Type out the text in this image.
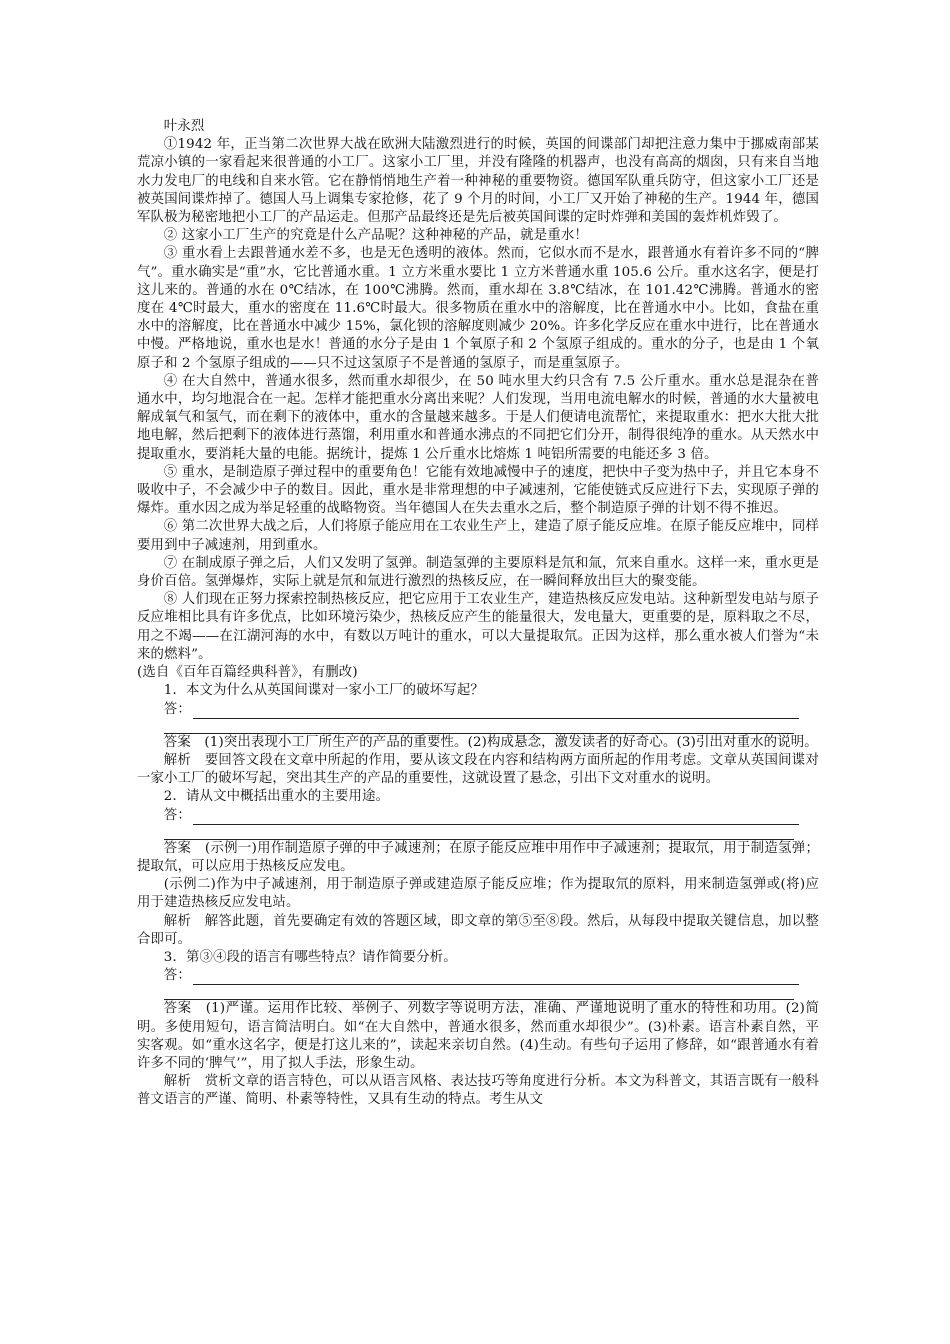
叶永烈

①1942 年，正当第二次世界大战在欧洲大陆激烈进行的时候，英国的间谍部门却把注意力集中于挪威南部某荒凉小镇的一家看起来很普通的小工厂。这家小工厂里，并没有隆隆的机器声，也没有高高的烟囱，只有来自当地水力发电厂的电线和自来水管。它在静悄悄地生产着一种神秘的重要物资。德国军队重兵防守，但这家小工厂还是被英国间谍炸掉了。德国人马上调集专家抢修，花了 9 个月的时间，小工厂又开始了神秘的生产。1944 年，德国军队极为秘密地把小工厂的产品运走。但那产品最终还是先后被英国间谍的定时炸弹和美国的轰炸机炸毁了。

② 这家小工厂生产的究竟是什么产品呢？这种神秘的产品，就是重水！

③ 重水看上去跟普通水差不多，也是无色透明的液体。然而，它似水而不是水，跟普通水有着许多不同的“脾气”。重水确实是“重”水，它比普通水重。1 立方米重水要比 1 立方米普通水重 105.6 公斤。重水这名字，便是打这儿来的。普通的水在 0℃结冰，在 100℃沸腾。然而，重水却在 3.8℃结冰，在 101.42℃沸腾。普通水的密度在 4℃时最大，重水的密度在 11.6℃时最大。很多物质在重水中的溶解度，比在普通水中小。比如，食盐在重水中的溶解度，比在普通水中减少 15%，氯化钡的溶解度则减少 20%。许多化学反应在重水中进行，比在普通水中慢。严格地说，重水也是水！普通的水分子是由 1 个氧原子和 2 个氢原子组成的。重水的分子，也是由 1 个氧原子和 2 个氢原子组成的——只不过这氢原子不是普通的氢原子，而是重氢原子。

④ 在大自然中，普通水很多，然而重水却很少，在 50 吨水里大约只含有 7.5 公斤重水。重水总是混杂在普通水中，均匀地混合在一起。怎样才能把重水分离出来呢？人们发现，当用电流电解水的时候，普通的水大量被电解成氧气和氢气，而在剩下的液体中，重水的含量越来越多。于是人们便请电流帮忙，来提取重水：把水大批大批地电解，然后把剩下的液体进行蒸馏，利用重水和普通水沸点的不同把它们分开，制得很纯净的重水。从天然水中提取重水，要消耗大量的电能。据统计，提炼 1 公斤重水比熔炼 1 吨铝所需要的电能还多 3 倍。

⑤ 重水，是制造原子弹过程中的重要角色！它能有效地减慢中子的速度，把快中子变为热中子，并且它本身不吸收中子，不会减少中子的数目。因此，重水是非常理想的中子减速剂，它能使链式反应进行下去，实现原子弹的爆炸。重水因之成为举足轻重的战略物资。当年德国人在失去重水之后，整个制造原子弹的计划不得不推迟。

⑥ 第二次世界大战之后，人们将原子能应用在工农业生产上，建造了原子能反应堆。在原子能反应堆中，同样要用到中子减速剂，用到重水。

⑦ 在制成原子弹之后，人们又发明了氢弹。制造氢弹的主要原料是氘和氚，氘来自重水。这样一来，重水更是身价百倍。氢弹爆炸，实际上就是氘和氚进行激烈的热核反应，在一瞬间释放出巨大的聚变能。

⑧ 人们现在正努力探索控制热核反应，把它应用于工农业生产，建造热核反应发电站。这种新型发电站与原子反应堆相比具有许多优点，比如环境污染少，热核反应产生的能量很大，发电量大，更重要的是，原料取之不尽，用之不竭——在江湖河海的水中，有数以万吨计的重水，可以大量提取氘。正因为这样，那么重水被人们誉为“未来的燃料”。

(选自《百年百篇经典科普》，有删改)

1．本文为什么从英国间谍对一家小工厂的破坏写起？

答：

答案　(1)突出表现小工厂所生产的产品的重要性。(2)构成悬念，激发读者的好奇心。(3)引出对重水的说明。

解析　要回答文段在文章中所起的作用，要从该文段在内容和结构两方面所起的作用考虑。文章从英国间谍对一家小工厂的破坏写起，突出其生产的产品的重要性，这就设置了悬念，引出下文对重水的说明。

2．请从文中概括出重水的主要用途。

答：

答案　(示例一)用作制造原子弹的中子减速剂；在原子能反应堆中用作中子减速剂；提取氘，用于制造氢弹；提取氘，可以应用于热核反应发电。

(示例二)作为中子减速剂，用于制造原子弹或建造原子能反应堆；作为提取氘的原料，用来制造氢弹或(将)应用于建造热核反应发电站。

解析　解答此题，首先要确定有效的答题区域，即文章的第⑤至⑧段。然后，从每段中提取关键信息，加以整合即可。

3．第③④段的语言有哪些特点？请作简要分析。

答：

答案　(1)严谨。运用作比较、举例子、列数字等说明方法，准确、严谨地说明了重水的特性和功用。(2)简明。多使用短句，语言简洁明白。如“在大自然中，普通水很多，然而重水却很少”。(3)朴素。语言朴素自然，平实客观。如“重水这名字，便是打这儿来的”，读起来亲切自然。(4)生动。有些句子运用了修辞，如“跟普通水有着许多不同的‘脾气’”，用了拟人手法，形象生动。

解析　赏析文章的语言特色，可以从语言风格、表达技巧等角度进行分析。本文为科普文，其语言既有一般科普文语言的严谨、简明、朴素等特性，又具有生动的特点。考生从文
